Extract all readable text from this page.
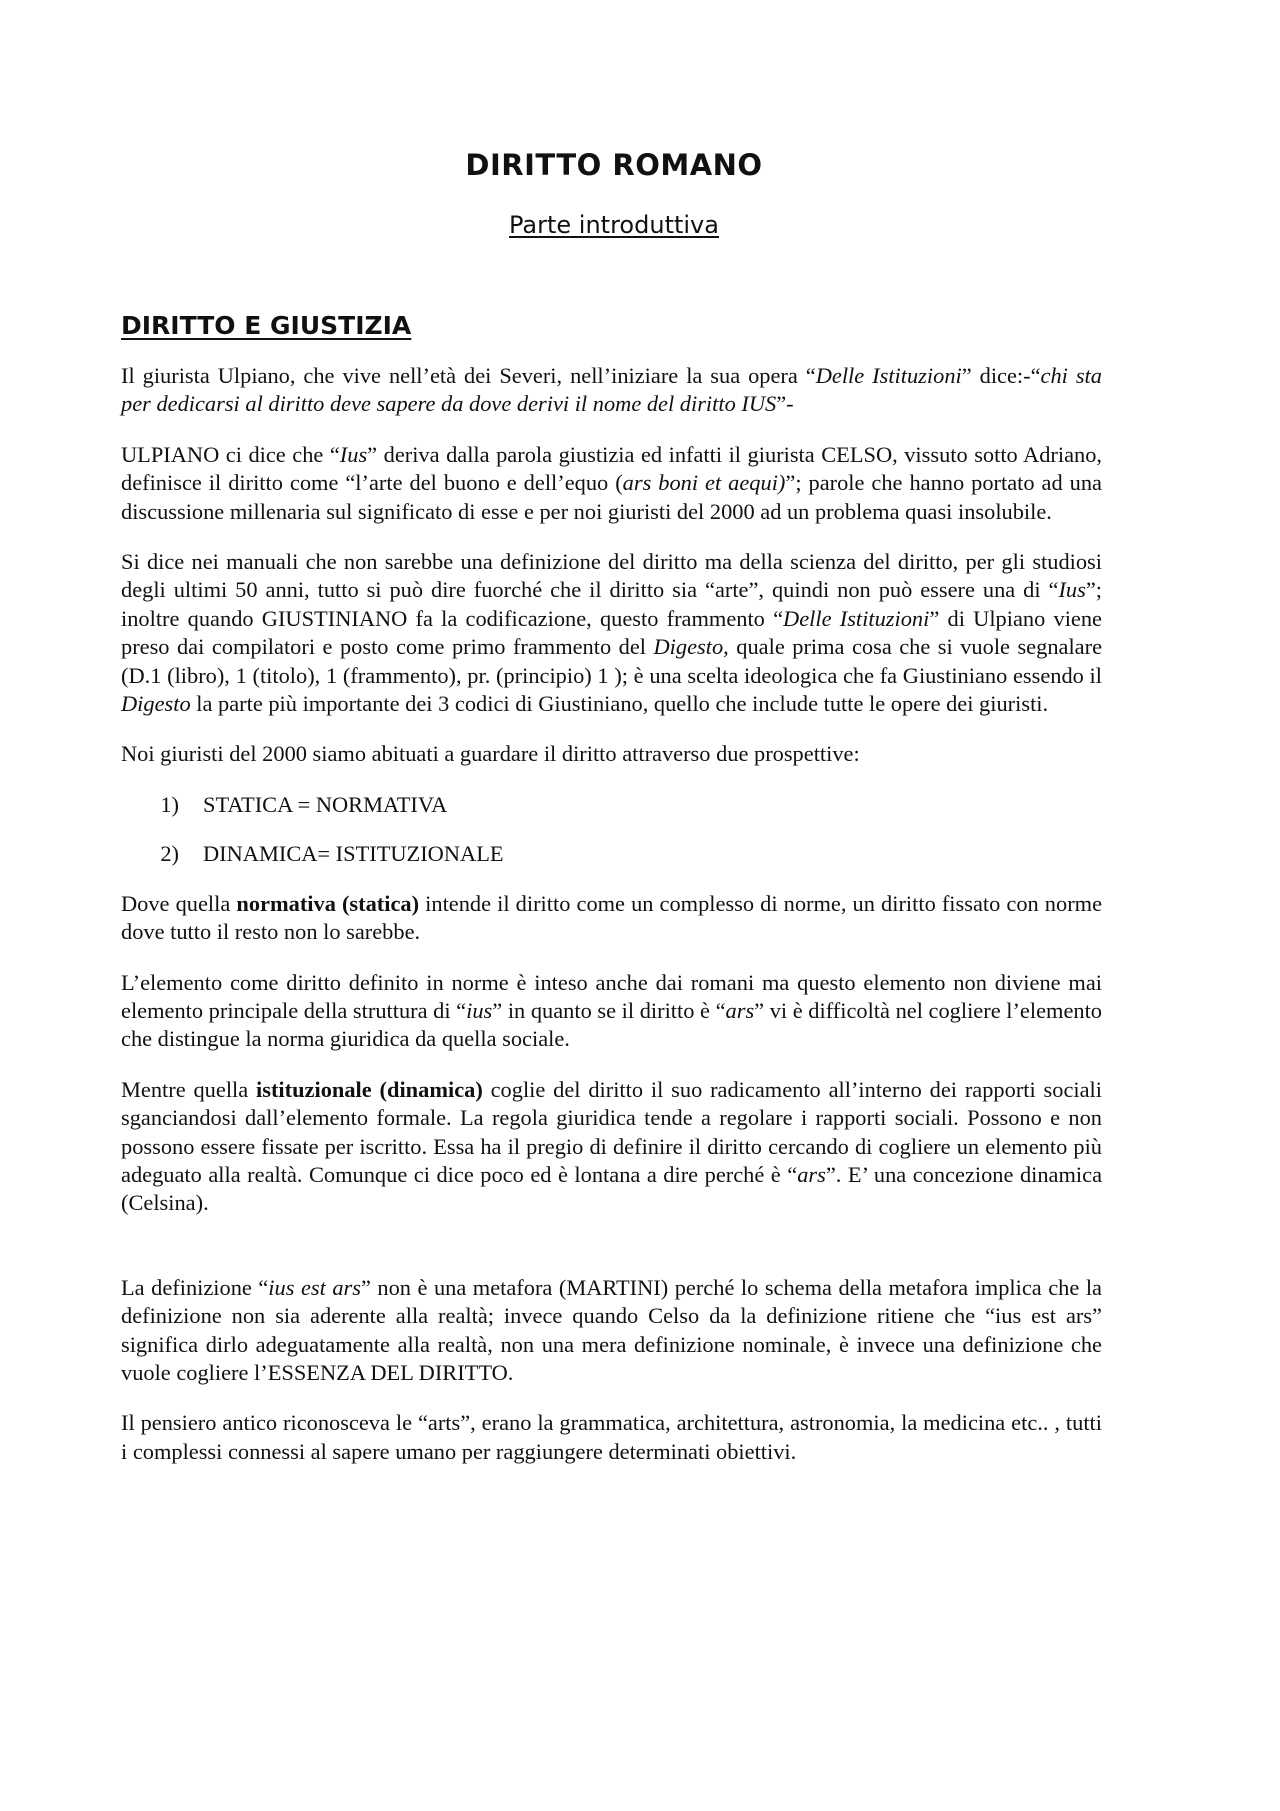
DIRITTO ROMANO
Parte introduttiva
DIRITTO E GIUSTIZIA

Il giurista Ulpiano, che vive nell’età dei Severi, nell’iniziare la sua opera “Delle Istituzioni” dice:-“chi sta per dedicarsi al diritto deve sapere da dove derivi il nome del diritto IUS”-

ULPIANO ci dice che “Ius” deriva dalla parola giustizia ed infatti il giurista CELSO, vissuto sotto Adriano, definisce il diritto come “l’arte del buono e dell’equo (ars boni et aequi)”; parole che hanno portato ad una discussione millenaria sul significato di esse e per noi giuristi del 2000 ad un problema quasi insolubile.

Si dice nei manuali che non sarebbe una definizione del diritto ma della scienza del diritto, per gli studiosi degli ultimi 50 anni, tutto si può dire fuorché che il diritto sia “arte”, quindi non può essere una di “Ius”; inoltre quando GIUSTINIANO fa la codificazione, questo frammento “Delle Istituzioni” di Ulpiano viene preso dai compilatori e posto come primo frammento del Digesto, quale prima cosa che si vuole segnalare (D.1 (libro), 1 (titolo), 1 (frammento), pr. (principio) 1 ); è una scelta ideologica che fa Giustiniano essendo il Digesto la parte più importante dei 3 codici di Giustiniano, quello che include tutte le opere dei giuristi.

Noi giuristi del 2000 siamo abituati a guardare il diritto attraverso due prospettive:

1)	STATICA = NORMATIVA
2)	DINAMICA= ISTITUZIONALE

Dove quella normativa (statica) intende il diritto come un complesso di norme, un diritto fissato con norme dove tutto il resto non lo sarebbe.

L’elemento come diritto definito in norme è inteso anche dai romani ma questo elemento non diviene mai elemento principale della struttura di “ius” in quanto se il diritto è “ars” vi è difficoltà nel cogliere l’elemento che distingue la norma giuridica da quella sociale.

Mentre quella istituzionale (dinamica) coglie del diritto il suo radicamento all’interno dei rapporti sociali sganciandosi dall’elemento formale. La regola giuridica tende a regolare i rapporti sociali. Possono e non possono essere fissate per iscritto. Essa ha il pregio di definire il diritto cercando di cogliere un elemento più adeguato alla realtà. Comunque ci dice poco ed è lontana a dire perché è “ars”. E’ una concezione dinamica (Celsina).

La definizione “ius est ars” non è una metafora (MARTINI) perché lo schema della metafora implica che la definizione non sia aderente alla realtà; invece quando Celso da la definizione ritiene che “ius est ars” significa dirlo adeguatamente alla realtà, non una mera definizione nominale, è invece una definizione che vuole cogliere l’ESSENZA DEL DIRITTO.

Il pensiero antico riconosceva le “arts”, erano la grammatica, architettura, astronomia, la medicina etc.. , tutti i complessi connessi al sapere umano per raggiungere determinati obiettivi.
